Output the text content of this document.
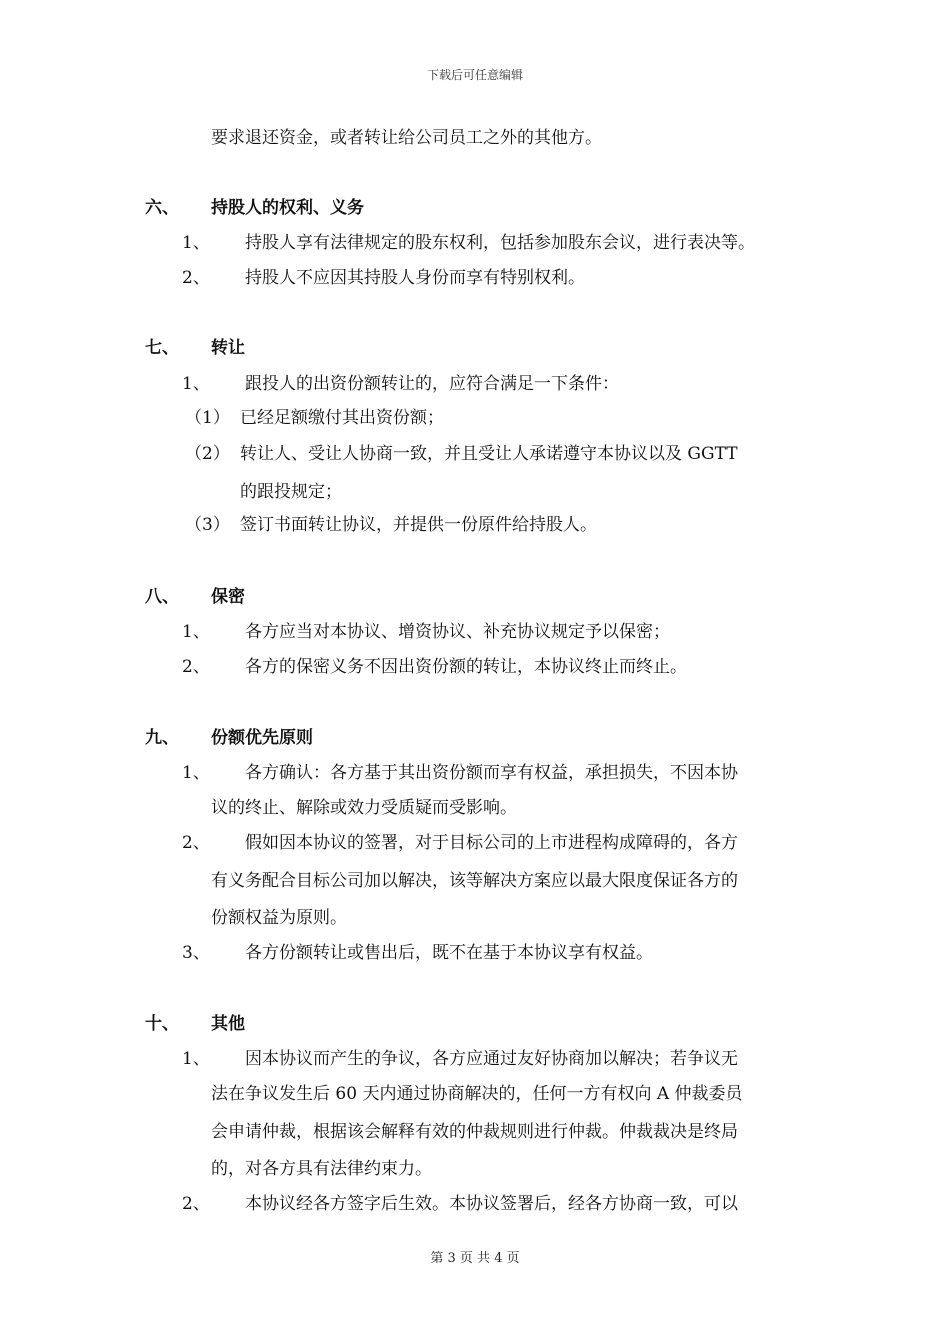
下载后可任意编辑
要求退还资金，或者转让给公司员工之外的其他方。
六、 持股人的权利、义务
1、 持股人享有法律规定的股东权利，包括参加股东会议，进行表决等。
2、 持股人不应因其持股人身份而享有特别权利。
七、 转让
1、 跟投人的出资份额转让的，应符合满足一下条件：
（1） 已经足额缴付其出资份额；
（2） 转让人、受让人协商一致，并且受让人承诺遵守本协议以及 GGTT
的跟投规定；
（3） 签订书面转让协议，并提供一份原件给持股人。
八、 保密
1、 各方应当对本协议、增资协议、补充协议规定予以保密；
2、 各方的保密义务不因出资份额的转让，本协议终止而终止。
九、 份额优先原则
1、 各方确认：各方基于其出资份额而享有权益，承担损失，不因本协
议的终止、解除或效力受质疑而受影响。
2、 假如因本协议的签署，对于目标公司的上市进程构成障碍的，各方
有义务配合目标公司加以解决，该等解决方案应以最大限度保证各方的
份额权益为原则。
3、 各方份额转让或售出后，既不在基于本协议享有权益。
十、 其他
1、 因本协议而产生的争议，各方应通过友好协商加以解决；若争议无
法在争议发生后 60 天内通过协商解决的，任何一方有权向 A 仲裁委员
会申请仲裁，根据该会解释有效的仲裁规则进行仲裁。仲裁裁决是终局
的，对各方具有法律约束力。
2、 本协议经各方签字后生效。本协议签署后，经各方协商一致，可以
第 3 页 共 4 页
